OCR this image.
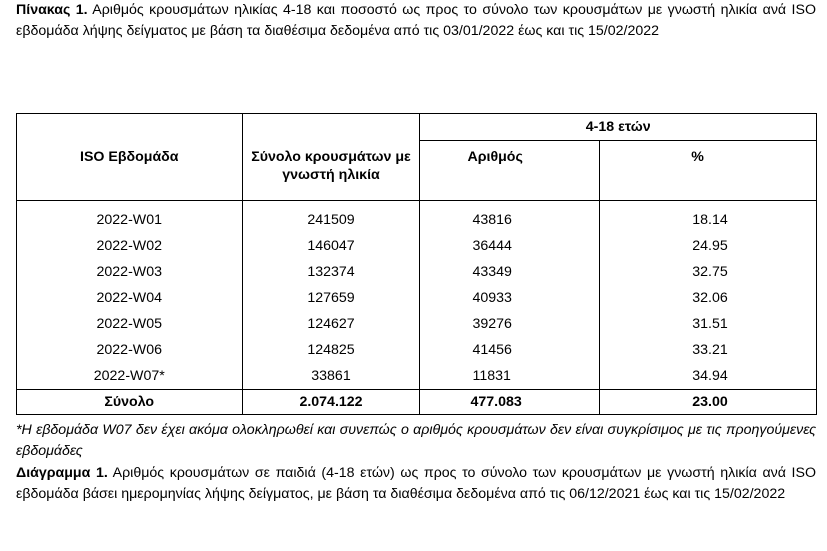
Πίνακας 1. Αριθμός κρουσμάτων ηλικίας 4-18 και ποσοστό ως προς το σύνολο των κρουσμάτων με γνωστή ηλικία ανά ISO εβδομάδα λήψης δείγματος με βάση τα διαθέσιμα δεδομένα από τις 03/01/2022 έως και τις 15/02/2022
		4-18 ετών	
ISO Εβδομάδα	Σύνολο κρουσμάτων με γνωστή ηλικία	Αριθμός	%
2022-W01	241509	43816	18.14
2022-W02	146047	36444	24.95
2022-W03	132374	43349	32.75
2022-W04	127659	40933	32.06
2022-W05	124627	39276	31.51
2022-W06	124825	41456	33.21
2022-W07*	33861	11831	34.94
Σύνολο	2.074.122	477.083	23.00
*Η εβδομάδα W07 δεν έχει ακόμα ολοκληρωθεί και συνεπώς ο αριθμός κρουσμάτων δεν είναι συγκρίσιμος με τις προηγούμενες εβδομάδες
Διάγραμμα 1. Αριθμός κρουσμάτων σε παιδιά (4-18 ετών) ως προς το σύνολο των κρουσμάτων με γνωστή ηλικία ανά ISO εβδομάδα βάσει ημερομηνίας λήψης δείγματος, με βάση τα διαθέσιμα δεδομένα από τις 06/12/2021 έως και τις 15/02/2022
